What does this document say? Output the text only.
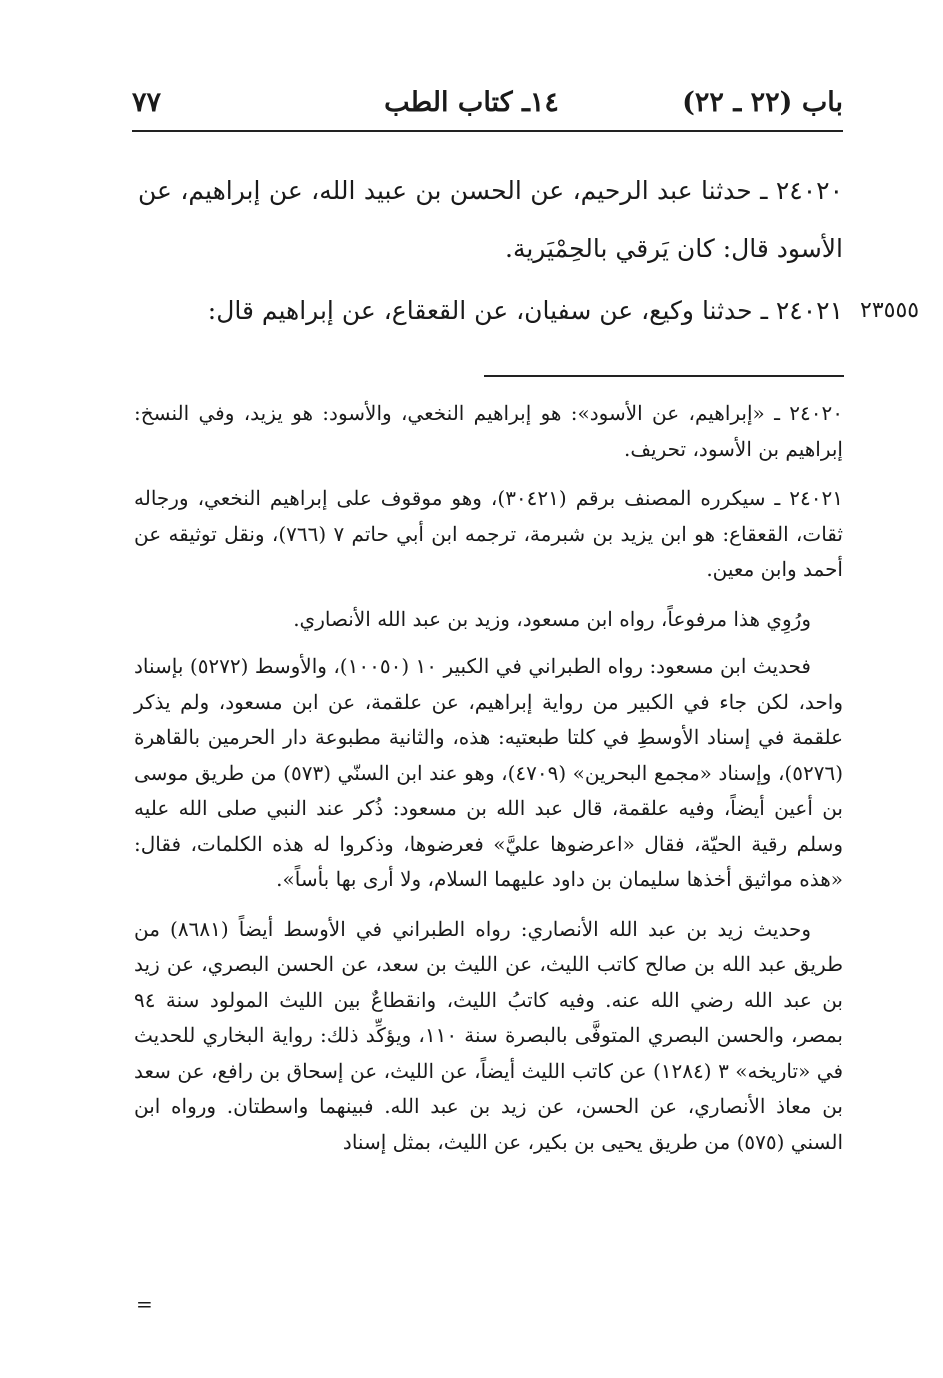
باب (٢٢ ـ ٢٢)
١٤ـ كتاب الطب
٧٧

٢٤٠٢٠ ـ حدثنا عبد الرحيم، عن الحسن بن عبيد الله، عن إبراهيم، عن الأسود قال: كان يَرقي بالحِمْيَرية.

٢٤٠٢١ ـ حدثنا وكيع، عن سفيان، عن القعقاع، عن إبراهيم قال: ٢٣٥٥٥

٢٤٠٢٠ ـ «إبراهيم، عن الأسود»: هو إبراهيم النخعي، والأسود: هو يزيد، وفي النسخ: إبراهيم بن الأسود، تحريف.

٢٤٠٢١ ـ سيكرره المصنف برقم (٣٠٤٢١)، وهو موقوف على إبراهيم النخعي، ورجاله ثقات، القعقاع: هو ابن يزيد بن شبرمة، ترجمه ابن أبي حاتم ٧ (٧٦٦)، ونقل توثيقه عن أحمد وابن معين.

ورُوِي هذا مرفوعاً، رواه ابن مسعود، وزيد بن عبد الله الأنصاري.

فحديث ابن مسعود: رواه الطبراني في الكبير ١٠ (١٠٠٥٠)، والأوسط (٥٢٧٢) بإسناد واحد، لكن جاء في الكبير من رواية إبراهيم، عن علقمة، عن ابن مسعود، ولم يذكر علقمة في إسناد الأوسطِ في كلتا طبعتيه: هذه، والثانية مطبوعة دار الحرمين بالقاهرة (٥٢٧٦)، وإسناد «مجمع البحرين» (٤٧٠٩)، وهو عند ابن السنّي (٥٧٣) من طريق موسى بن أعين أيضاً، وفيه علقمة، قال عبد الله بن مسعود: ذُكر عند النبي صلى الله عليه وسلم رقية الحيّة، فقال «اعرضوها عليَّ» فعرضوها، وذكروا له هذه الكلمات، فقال: «هذه مواثيق أخذها سليمان بن داود عليهما السلام، ولا أرى بها بأساً».

وحديث زيد بن عبد الله الأنصاري: رواه الطبراني في الأوسط أيضاً (٨٦٨١) من طريق عبد الله بن صالح كاتب الليث، عن الليث بن سعد، عن الحسن البصري، عن زيد بن عبد الله رضي الله عنه. وفيه كاتبُ الليث، وانقطاعٌ بين الليث المولود سنة ٩٤ بمصر، والحسن البصري المتوفَّى بالبصرة سنة ١١٠، ويؤكِّد ذلك: رواية البخاري للحديث في «تاريخه» ٣ (١٢٨٤) عن كاتب الليث أيضاً، عن الليث، عن إسحاق بن رافع، عن سعد بن معاذ الأنصاري، عن الحسن، عن زيد بن عبد الله. فبينهما واسطتان. ورواه ابن السني (٥٧٥) من طريق يحيى بن بكير، عن الليث، بمثل إسناد

=
